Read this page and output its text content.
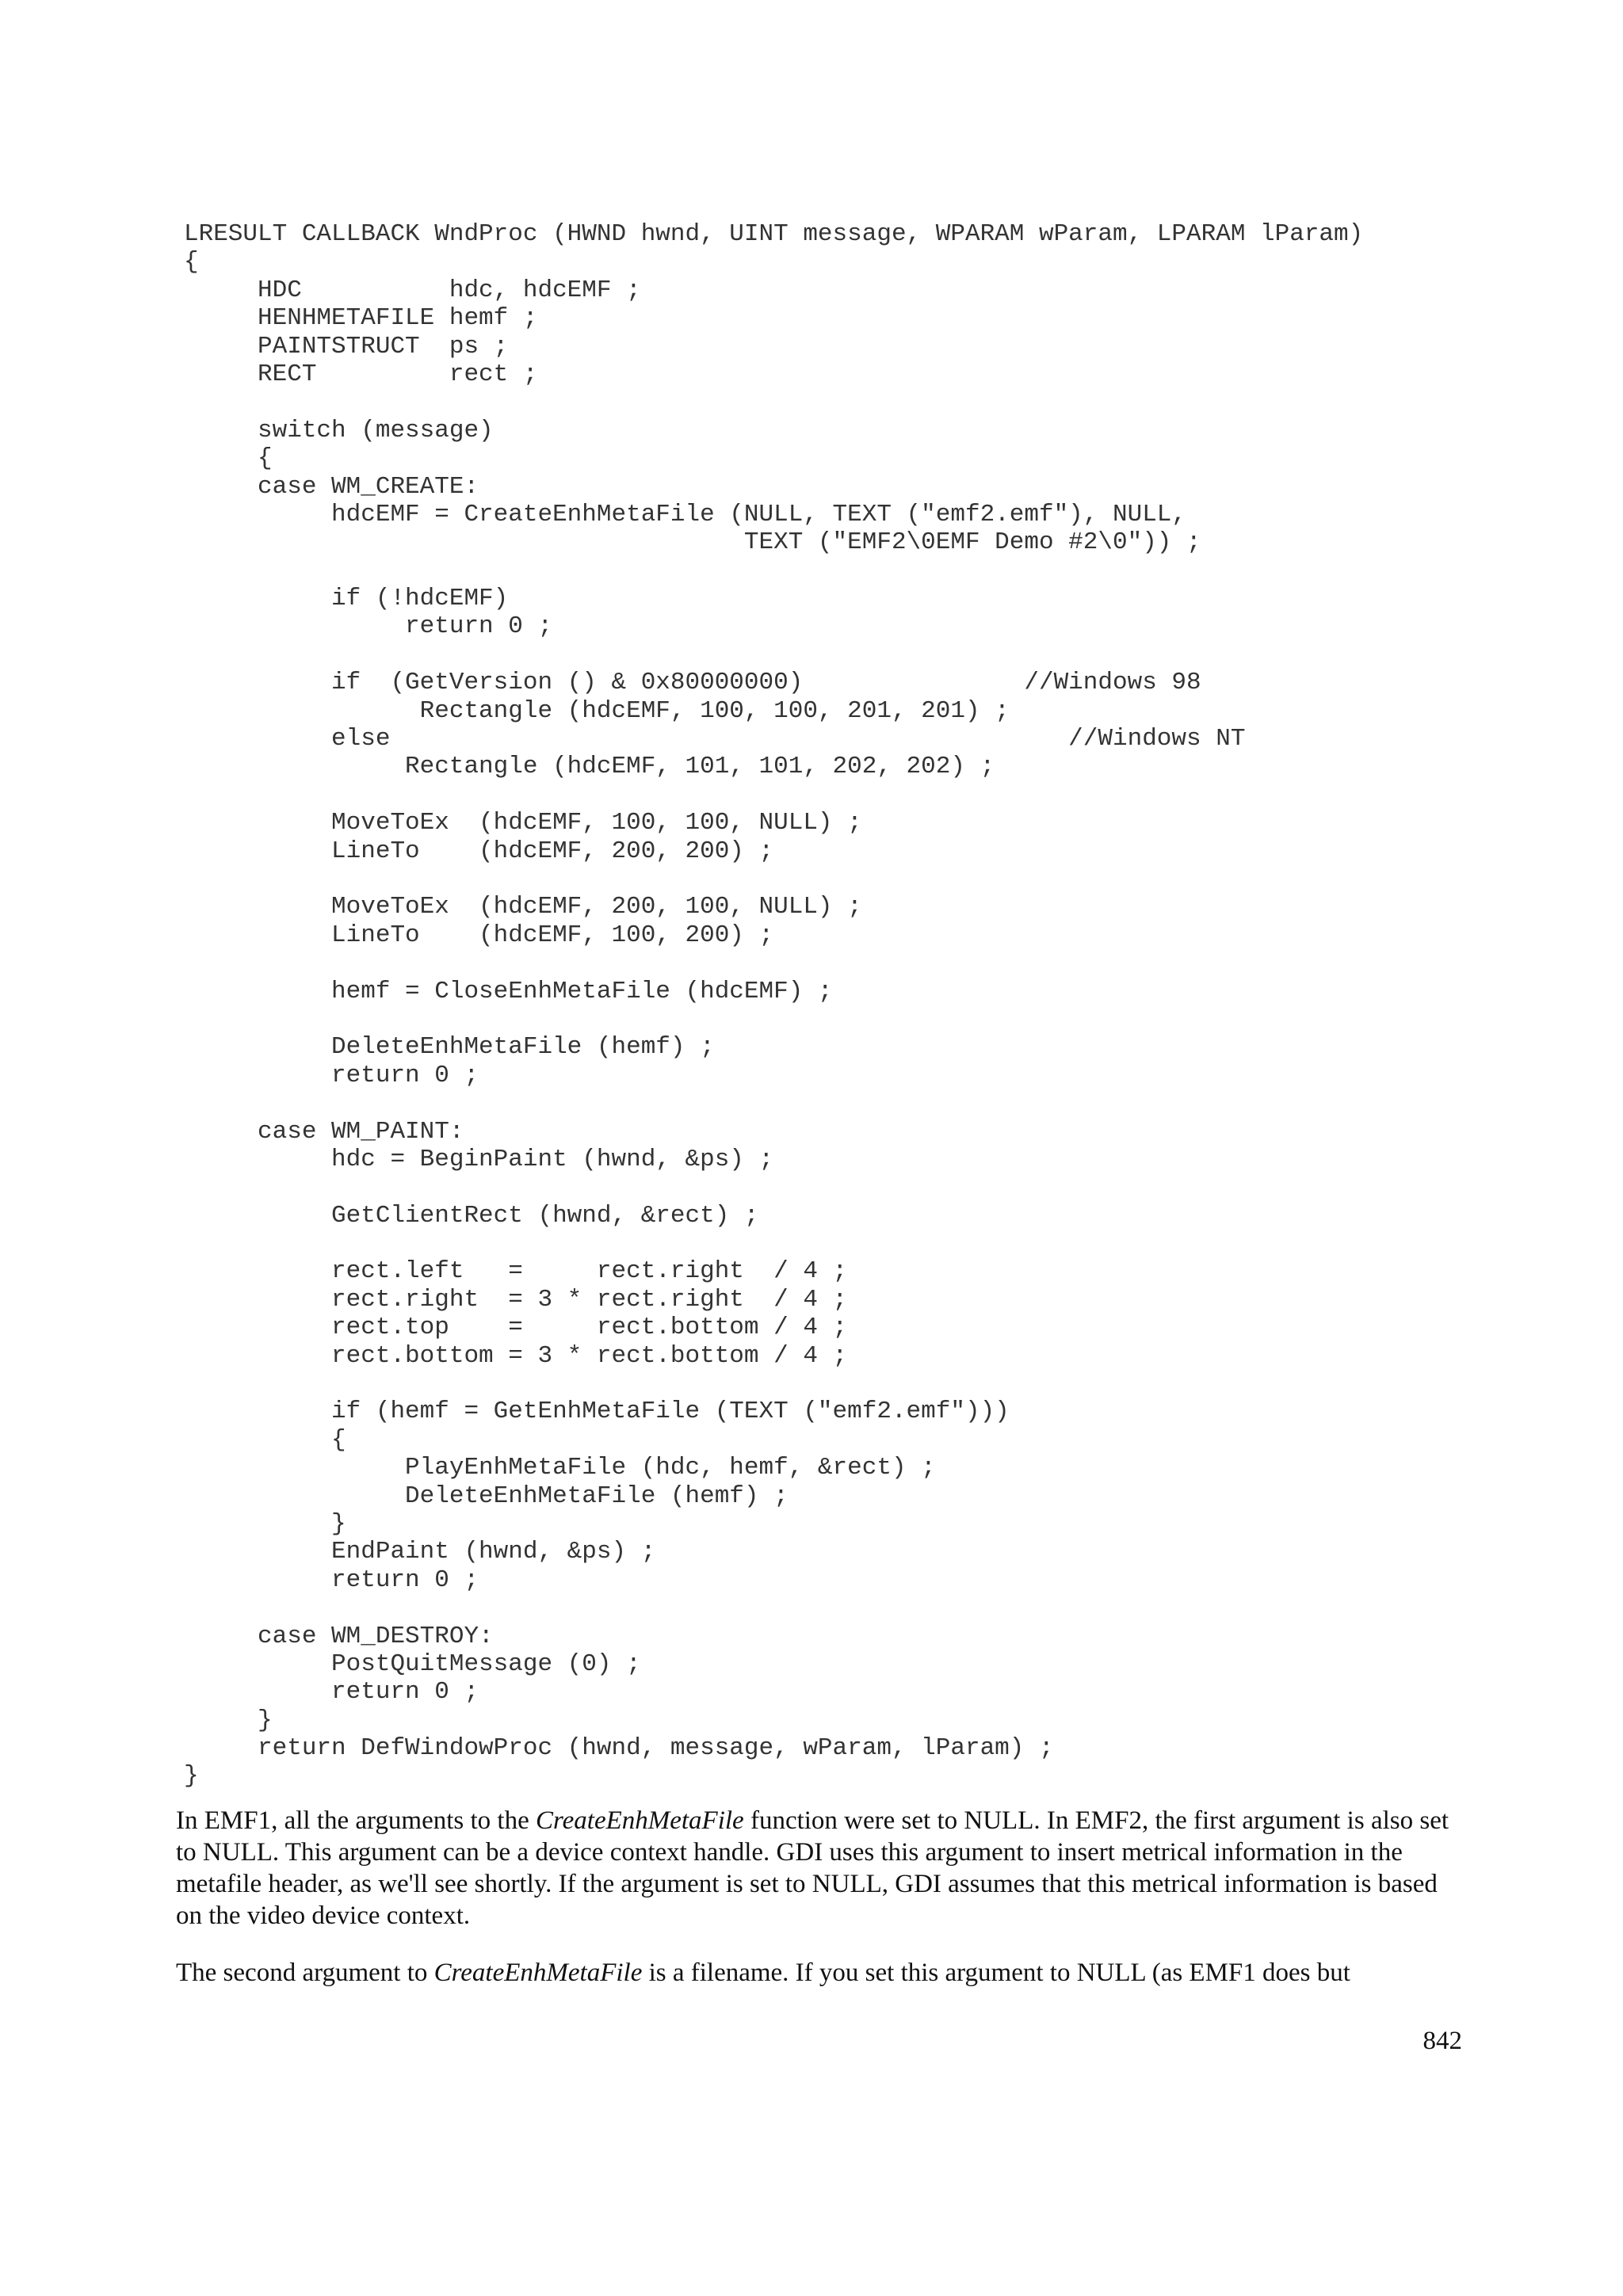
LRESULT CALLBACK WndProc (HWND hwnd, UINT message, WPARAM wParam, LPARAM lParam)
{
HDC          hdc, hdcEMF ;
HENHMETAFILE hemf ;
PAINTSTRUCT  ps ;
RECT         rect ;
switch (message)
{
case WM_CREATE:
hdcEMF = CreateEnhMetaFile (NULL, TEXT ("emf2.emf"), NULL,
TEXT ("EMF2\0EMF Demo #2\0")) ;
if (!hdcEMF)
return 0 ;
if  (GetVersion () & 0x80000000)               //Windows 98
Rectangle (hdcEMF, 100, 100, 201, 201) ;
else                                              //Windows NT
Rectangle (hdcEMF, 101, 101, 202, 202) ;
MoveToEx  (hdcEMF, 100, 100, NULL) ;
LineTo    (hdcEMF, 200, 200) ;
MoveToEx  (hdcEMF, 200, 100, NULL) ;
LineTo    (hdcEMF, 100, 200) ;
hemf = CloseEnhMetaFile (hdcEMF) ;
DeleteEnhMetaFile (hemf) ;
return 0 ;
case WM_PAINT:
hdc = BeginPaint (hwnd, &ps) ;
GetClientRect (hwnd, &rect) ;
rect.left   =     rect.right  / 4 ;
rect.right  = 3 * rect.right  / 4 ;
rect.top    =     rect.bottom / 4 ;
rect.bottom = 3 * rect.bottom / 4 ;
if (hemf = GetEnhMetaFile (TEXT ("emf2.emf")))
{
PlayEnhMetaFile (hdc, hemf, &rect) ;
DeleteEnhMetaFile (hemf) ;
}
EndPaint (hwnd, &ps) ;
return 0 ;
case WM_DESTROY:
PostQuitMessage (0) ;
return 0 ;
}
return DefWindowProc (hwnd, message, wParam, lParam) ;
}

In EMF1, all the arguments to the CreateEnhMetaFile function were set to NULL. In EMF2, the first argument is also set to NULL. This argument can be a device context handle. GDI uses this argument to insert metrical information in the metafile header, as we'll see shortly. If the argument is set to NULL, GDI assumes that this metrical information is based on the video device context.

The second argument to CreateEnhMetaFile is a filename. If you set this argument to NULL (as EMF1 does but

842
